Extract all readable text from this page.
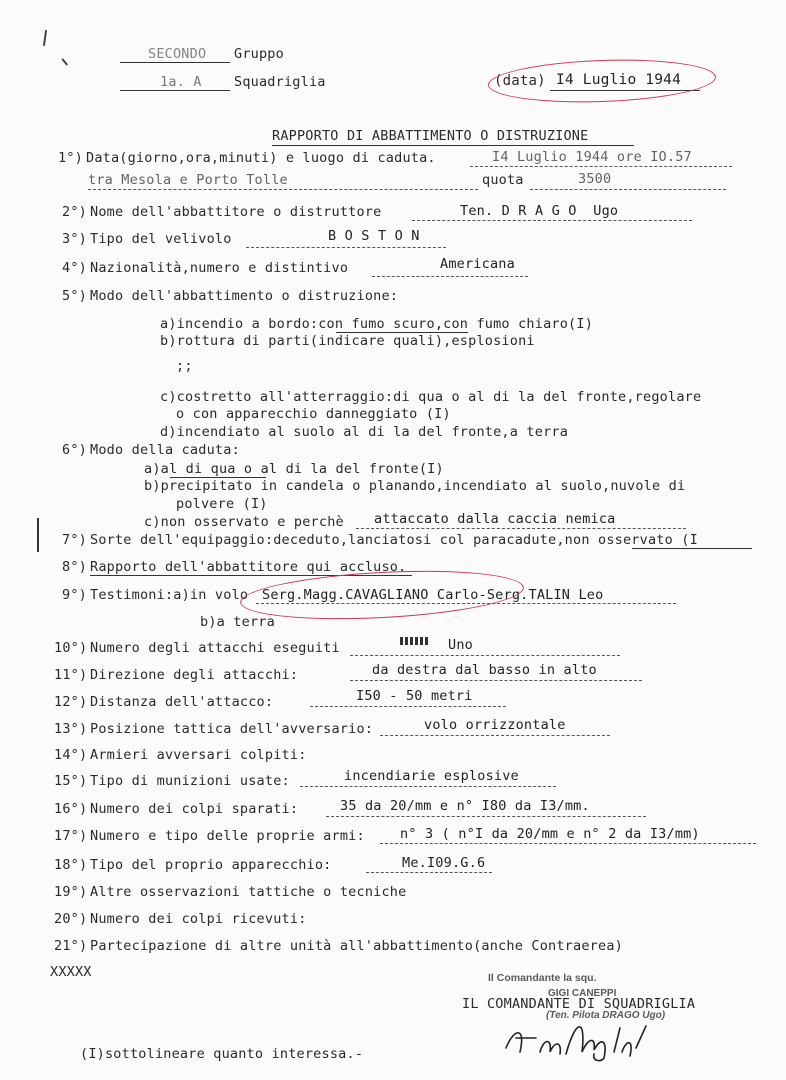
SECONDO Gruppo
1a. A Squadriglia	(data) I4 Luglio 1944
RAPPORTO DI ABBATTIMENTO O DISTRUZIONE
1°) Data(giorno,ora,minuti) e luogo di caduta.	I4 Luglio 1944 ore IO.57
tra Mesola e Porto Tolle	quota	3500
2°) Nome dell'abbattitore o distruttore	Ten. D R A G O  Ugo
3°) Tipo del velivolo	B O S T O N
4°) Nazionalità,numero e distintivo	Americana
5°) Modo dell'abbattimento o distruzione:
a)incendio a bordo:con fumo scuro,con fumo chiaro(I)
b)rottura di parti(indicare quali),esplosioni
;;
c)costretto all'atterraggio:di qua o al di la del fronte,regolare
o con apparecchio danneggiato (I)
d)incendiato al suolo al di la del fronte,a terra
6°) Modo della caduta:
a)al di qua o al di la del fronte(I)
b)precipitato in candela o planando,incendiato al suolo,nuvole di
polvere (I)
c)non osservato e perchè attaccato dalla caccia nemica
7°) Sorte dell'equipaggio:deceduto,lanciatosi col paracadute,non osservato (I
8°) Rapporto dell'abbattitore qui accluso.
9°) Testimoni:a)in volo Serg.Magg.CAVAGLIANO Carlo-Serg.TALIN Leo
b)a terra
10°) Numero degli attacchi eseguiti	Uno
11°) Direzione degli attacchi:	da destra dal basso in alto
12°) Distanza dell'attacco:	I50 - 50 metri
13°) Posizione tattica dell'avversario:	volo orrizzontale
14°) Armieri avversari colpiti:
15°) Tipo di munizioni usate:	incendiarie esplosive
16°) Numero dei colpi sparati:	35 da 20/mm e n° I80 da I3/mm.
17°) Numero e tipo delle proprie armi:	n° 3 ( n°I da 20/mm e n° 2 da I3/mm)
18°) Tipo del proprio apparecchio:	Me.I09.G.6
19°) Altre osservazioni tattiche o tecniche
20°) Numero dei colpi ricevuti:
21°) Partecipazione di altre unità all'abbattimento(anche Contraerea)
XXXXX	Il Comandante la squ.
GIGI CANEPPI
IL COMANDANTE DI SQUADRIGLIA
(Ten. Pilota DRAGO Ugo)
(I)sottolineare quanto interessa.-
